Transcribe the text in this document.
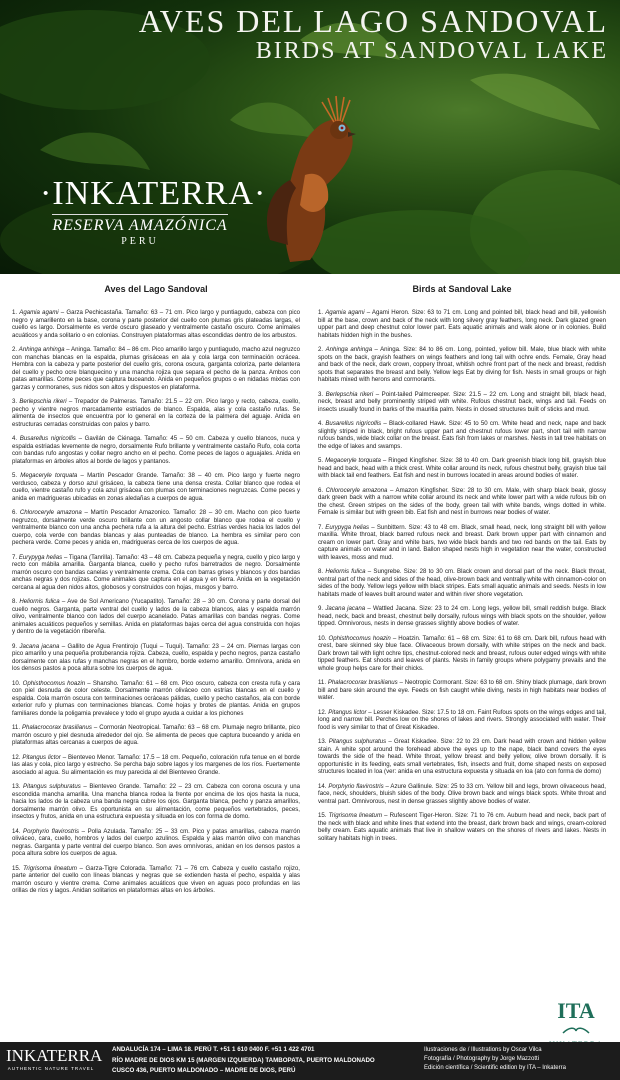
AVES DEL LAGO SANDOVAL
BIRDS AT SANDOVAL LAKE
·INKATERRA·
RESERVA AMAZÓNICA
PERU
Aves del Lago Sandoval

1. Agamia agami – Garza Pechicastaña. Tamaño: 63 – 71 cm. Pico largo y puntiagudo, cabeza con pico negro y amarillento en la base, corona y parte posterior del cuello con plumas gris plateadas largas, el cuello es largo. Dorsalmente es verde oscuro glaseado y ventralmente castaño oscuro. Come animales acuáticos y anda solitario o en colonias. Construyen plataformas altas escondidas dentro de los arbustos.

2. Anhinga anhinga – Aninga. Tamaño: 84 – 86 cm. Pico amarillo largo y puntiagudo, macho azul negruzco con manchas blancas en la espalda, plumas grisáceas en ala y cola larga con terminación ocrácea. Hembra con la cabeza y parte posterior del cuello gris, corona oscura, garganta coloriza, parte delantera del cuello y pecho ocre blanquecino y una mancha rojiza que separa el pecho de la panza. Ambos con patas amarillas. Come peces que captura buceando. Anida en pequeños grupos o en nidadas mixtas con garzas y cormoranes, sus nidos son altos y dispuestos en plataforma.

3. Berlepschia rikeri – Trepador de Palmeras. Tamaño: 21.5 – 22 cm. Pico largo y recto, cabeza, cuello, pecho y vientre negros marcadamente estriados de blanco. Espalda, alas y cola castaño rufas. Se alimenta de insectos que encuentra por lo general en la corteza de la palmera del aguaje. Anida en estructuras cerradas construidas con palos y barro.

4. Busarellus nigricollis – Gavilán de Ciénaga. Tamaño: 45 – 50 cm. Cabeza y cuello blancos, nuca y espalda estriadas levemente de negro, dorsalmente Rufo brillante y ventralmente castaño Rufo, cola corta con bandas rufo angostas y collar negro ancho en el pecho. Come peces de lagos o aguajales. Anida en plataformas en árboles altos al borde de lagos y pantanos.

5. Megaceryle torquata – Martín Pescador Grande. Tamaño: 38 – 40 cm. Pico largo y fuerte negro verdusco, cabeza y dorso azul grisáceo, la cabeza tiene una densa cresta. Collar blanco que rodea el cuello, vientre castaño rufo y cola azul grisácea con plumas con terminaciones negruzcas. Come peces y anida en madrigueras ubicadas en zonas aledañas a cuerpos de agua.

6. Chloroceryle amazona – Martín Pescador Amazonico. Tamaño: 28 – 30 cm. Macho con pico fuerte negruzco, dorsalmente verde oscuro brillante con un angosto collar blanco que rodea el cuello y ventralmente blanco con una ancha pechera rufa a la altura del pecho. Estrías verdes hacia los lados del cuerpo, cola verde con bandas blancas y alas punteadas de blanco. La hembra es similar pero con pechera verde. Come peces y anida en, madrigueras cerca de los cuerpos de agua.

7. Eurypyga helias – Tigana (Tanrilla). Tamaño: 43 – 48 cm. Cabeza pequeña y negra, cuello y pico largo y recto con mábila amarilla. Garganta blanca, cuello y pecho rufos barretrados de negro. Dorsalmente marrón oscuro con bandas canelas y ventralmente crema. Cola con barras grises y blancos y dos bandas anchas negras y dos rojizas. Come animales que captura en el agua y en tierra. Anida en la vegetación cercana al agua den nidos altos, globosos y construidos con hojas, musgos y barro.

8. Heliornis fulica – Ave de Sol Americano (Yucapatito). Tamaño: 28 – 30 cm. Corona y parte dorsal del cuello negros. Garganta, parte ventral del cuello y lados de la cabeza blancos, alas y espalda marrón olivo, ventralmente blanco con lados del cuerpo acanelado. Patas amarillas con bandas negras. Come animales acuáticos pequeños y semillas. Anida en plataformas bajas cerca del agua construida con hojas y dentro de la vegetación ribereña.

9. Jacana jacana – Gallito de Agua Frentirojo (Tuqui – Tuqui). Tamaño: 23 – 24 cm. Piernas largas con pico amarillo y una pequeña protuberancia rojiza. Cabeza, cuello, espalda y pecho negros, panza castaño dorsalmente con alas rufas y manchas negras en el hombro, borde externo amarillo. Omnívora, anida en los densos pastos a poca altura sobre los cuerpos de agua.

10. Ophisthocomus hoazin – Shansho. Tamaño: 61 – 68 cm. Pico oscuro, cabeza con cresta rufa y cara con piel desnuda de color celeste. Dorsalmente marrón oliváceo con estrías blancas en el cuello y espalda. Cola marrón oscura con terminaciones ocráceas pálidas, cuello y pecho castaños, ala con borde exterior rufo y plumas con terminaciones blancas. Come hojas y brotes de plantas. Anida en grupos familiares donde la poligamia prevalece y todo el grupo ayuda a cuidar a los pichones

11. Phalacrocorax brasilianus – Cormorán Neotropical. Tamaño: 63 – 68 cm. Plumaje negro brillante, pico marrón oscuro y piel desnuda alrededor del ojo. Se alimenta de peces que captura buceando y anida en plataformas altas cercanas a cuerpos de agua.

12. Pitangus lictor – Bienteveo Menor. Tamaño: 17.5 – 18 cm. Pequeño, coloración rufa tenue en el borde las alas y cola, pico largo y estrecho. Se percha bajo sobre lagos y los margenes de los ríos. Fuertemente asociado al agua. Su alimentación es muy parecida al del Bienteveo Grande.

13. Pitangus sulphuratus – Bienteveo Grande. Tamaño: 22 – 23 cm. Cabeza con corona oscura y una escondida mancha amarilla. Una mancha blanca rodea la frente por encima de los ojos hasta la nuca, hacia los lados de la cabeza una banda negra cubre los ojos. Garganta blanca, pecho y panza amarillos, dorsalmente marrón olivo. Es oportunista en su alimentación, come pequeños vertebrados, peces, insectos y frutos, anida en una estructura expuesta y situada en los con forma de domo.

14. Porphyrio flavirostris – Polla Azulada. Tamaño: 25 – 33 cm. Pico y patas amarillas, cabeza marrón oliváceo, cara, cuello, hombros y lados del cuerpo azulinos. Espalda y alas marrón olivo con manchas negras. Garganta y parte ventral del cuerpo blanco. Son aves omnívoras, anidan en los densos pastos a poca altura sobre los cuerpos de agua.

15. Trigrisoma lineatum – Garza-Tigre Colorada. Tamaño: 71 – 76 cm. Cabeza y cuello castaño rojizo, parte anterior del cuello con líneas blancas y negras que se extienden hasta el pecho, espalda y alas marrón oscuro y vientre crema. Come animales acuáticos que viven en aguas poco profundas en las orillas de ríos y lagos. Anidan solitarios en plataformas altas en los árboles.

Birds at Sandoval Lake

1. Agamia agami – Agami Heron. Size: 63 to 71 cm. Long and pointed bill, black head and bill, yellowish bill at the base, crown and back of the neck with long silvery gray feathers, long neck. Dark glazed green upper part and deep chestnut color lower part. Eats aquatic animals and walk alone or in colonies. Build habitats hidden high in the bushes.

2. Anhinga anhinga – Aninga. Size: 84 to 86 cm. Long, pointed, yellow bill. Male, blue black with white spots on the back, grayish feathers on wings feathers and long tail with ochre ends. Female, Gray head and back of the neck, dark crown, coppery throat, whitish ochre front part of the neck and breast, reddish spots that separates the breast and belly. Yellow legs Eat by diving for fish. Nests in small groups or high habitats mixed with herons and cormorants.

3. Berlepschia rikeri – Point-tailed Palmcreeper. Size: 21.5 – 22 cm. Long and straight bill, black head, neck, breast and belly prominently striped with white. Rufous chestnut back, wings and tail. Feeds on insects usually found in barks of the mauritia palm. Nests in closed structures built of sticks and mud.

4. Busarellus nigricollis – Black-collared Hawk. Size: 45 to 50 cm. White head and neck, nape and back slightly striped in black, bright rufous upper part and chestnut rufous lower part, short tail with narrow rufous bands, wide black collar on the breast. Eats fish from lakes or marshes. Nests in tall tree habitats on the edge of lakes and swamps.

5. Megaceryle torquata – Ringed Kingfisher. Size: 38 to 40 cm. Dark greenish black long bill, grayish blue head and back, head with a thick crest. White collar around its neck, rufous chestnut belly, grayish blue tail with black tail end feathers. Eat fish and nest in burrows located in areas around bodies of water.

6. Chloroceryle amazona – Amazon Kingfisher. Size: 28 to 30 cm. Male, with sharp black beak, glossy dark green back with a narrow white collar around its neck and white lower part with a wide rufous bib on the chest. Green stripes on the sides of the body, green tail with white bands, wings dotted in white. Female is similar but with green bib. Eat fish and nest in burrows near bodies of water.

7. Eurypyga helias – Sunbittern. Size: 43 to 48 cm. Black, small head, neck, long straight bill with yellow maxilla. White throat, black barred rufous neck and breast. Dark brown upper part with cinnamon and cream on lower part. Gray and white bars, two wide black bands and two red bands on the tail. Eats by capture animals on water and in land. Ballon shaped nests high in vegetation near the water, constructed with leaves, moss and mud.

8. Heliornis fulica – Sungrebe. Size: 28 to 30 cm. Black crown and dorsal part of the neck. Black throat, ventral part of the neck and sides of the head, olive-brown back and ventrally white with cinnamon-color on sides of the body. Yellow legs yellow with black stripes. Eats small aquatic animals and seeds. Nests in low habitats made of leaves built around water and within river shore vegetation.

9. Jacana jacana – Wattled Jacana. Size: 23 to 24 cm. Long legs, yellow bill, small reddish bulge. Black head, neck, back and breast, chestnut belly dorsally, rufous wings with black spots on the shoulder, yellow tipped. Omnivorous, nests in dense grasses slightly above bodies of water.

10. Ophisthocomus hoazin – Hoatzin. Tamaño: 61 – 68 cm. Size: 61 to 68 cm. Dark bill, rufous head with crest, bare skinned sky blue face. Olivaceous brown dorsally, with white stripes on the neck and back. Dark brown tail with light ochre tips, chestnut-colored neck and breast, rufous outer edged wings with white tipped feathers. Eat shoots and leaves of plants. Nests in family groups where polygamy prevails and the whole group helps care for their chicks.

11. Phalacrocorax brasilianus – Neotropic Cormorant. Size: 63 to 68 cm. Shiny black plumage, dark brown bill and bare skin around the eye. Feeds on fish caught while diving, nests in high habitats near bodies of water.

12. Pitangus lictor – Lesser Kiskadee. Size: 17.5 to 18 cm. Faint Rufous spots on the wings edges and tail, long and narrow bill. Perches low on the shores of lakes and rivers. Strongly associated with water. Their food is very similar to that of Great Kiskadee.

13. Pitangus sulphuratus – Great Kiskadee. Size: 22 to 23 cm. Dark head with crown and hidden yellow stain. A white spot around the forehead above the eyes up to the nape, black band covers the eyes towards the side of the head. White throat, yellow breast and belly yellow, olive brown dorsally. It is opportunistic in its feeding, eats small vertebrates, fish, insects and fruit, dome shaped nests on exposed structures located in loa (ver: anida en una estructura expuesta y situada en loa (ato con forma de domo)

14. Porphyrio flavirostris – Azure Gallinule. Size: 25 to 33 cm. Yellow bill and legs, brown olivaceous head, face, neck, shoulders, bluish sides of the body. Olive brown back and wings black spots. White throat and ventral part. Omnivorous, nest in dense grasses slightly above bodies of water.

15. Trigrisoma lineatum – Rufescent Tiger-Heron. Size: 71 to 76 cm. Auburn head and neck, back part of the neck with black and white lines that extend into the breast, dark brown back and wings, cream-colored belly cream. Eats aquatic animals that live in shallow waters on the shores of rivers and lakes. Nests in solitary habitats high in trees.

ITA
INKATERRA
AUTHENTIC NATURE TRAVEL
ANDALUCÍA 174 – LIMA 18. PERÚ T. +51 1 610 0400 F. +51 1 422 4701
RÍO MADRE DE DIOS KM 15 (MARGEN IZQUIERDA) TAMBOPATA, PUERTO MALDONADO
CUSCO 436, PUERTO MALDONADO – MADRE DE DIOS, PERÚ
Ilustraciones de / Illustrations by Oscar Vilca
Fotografía / Photography by Jorge Mazzotti
Edición científica / Scientific edition by ITA – Inkaterra
